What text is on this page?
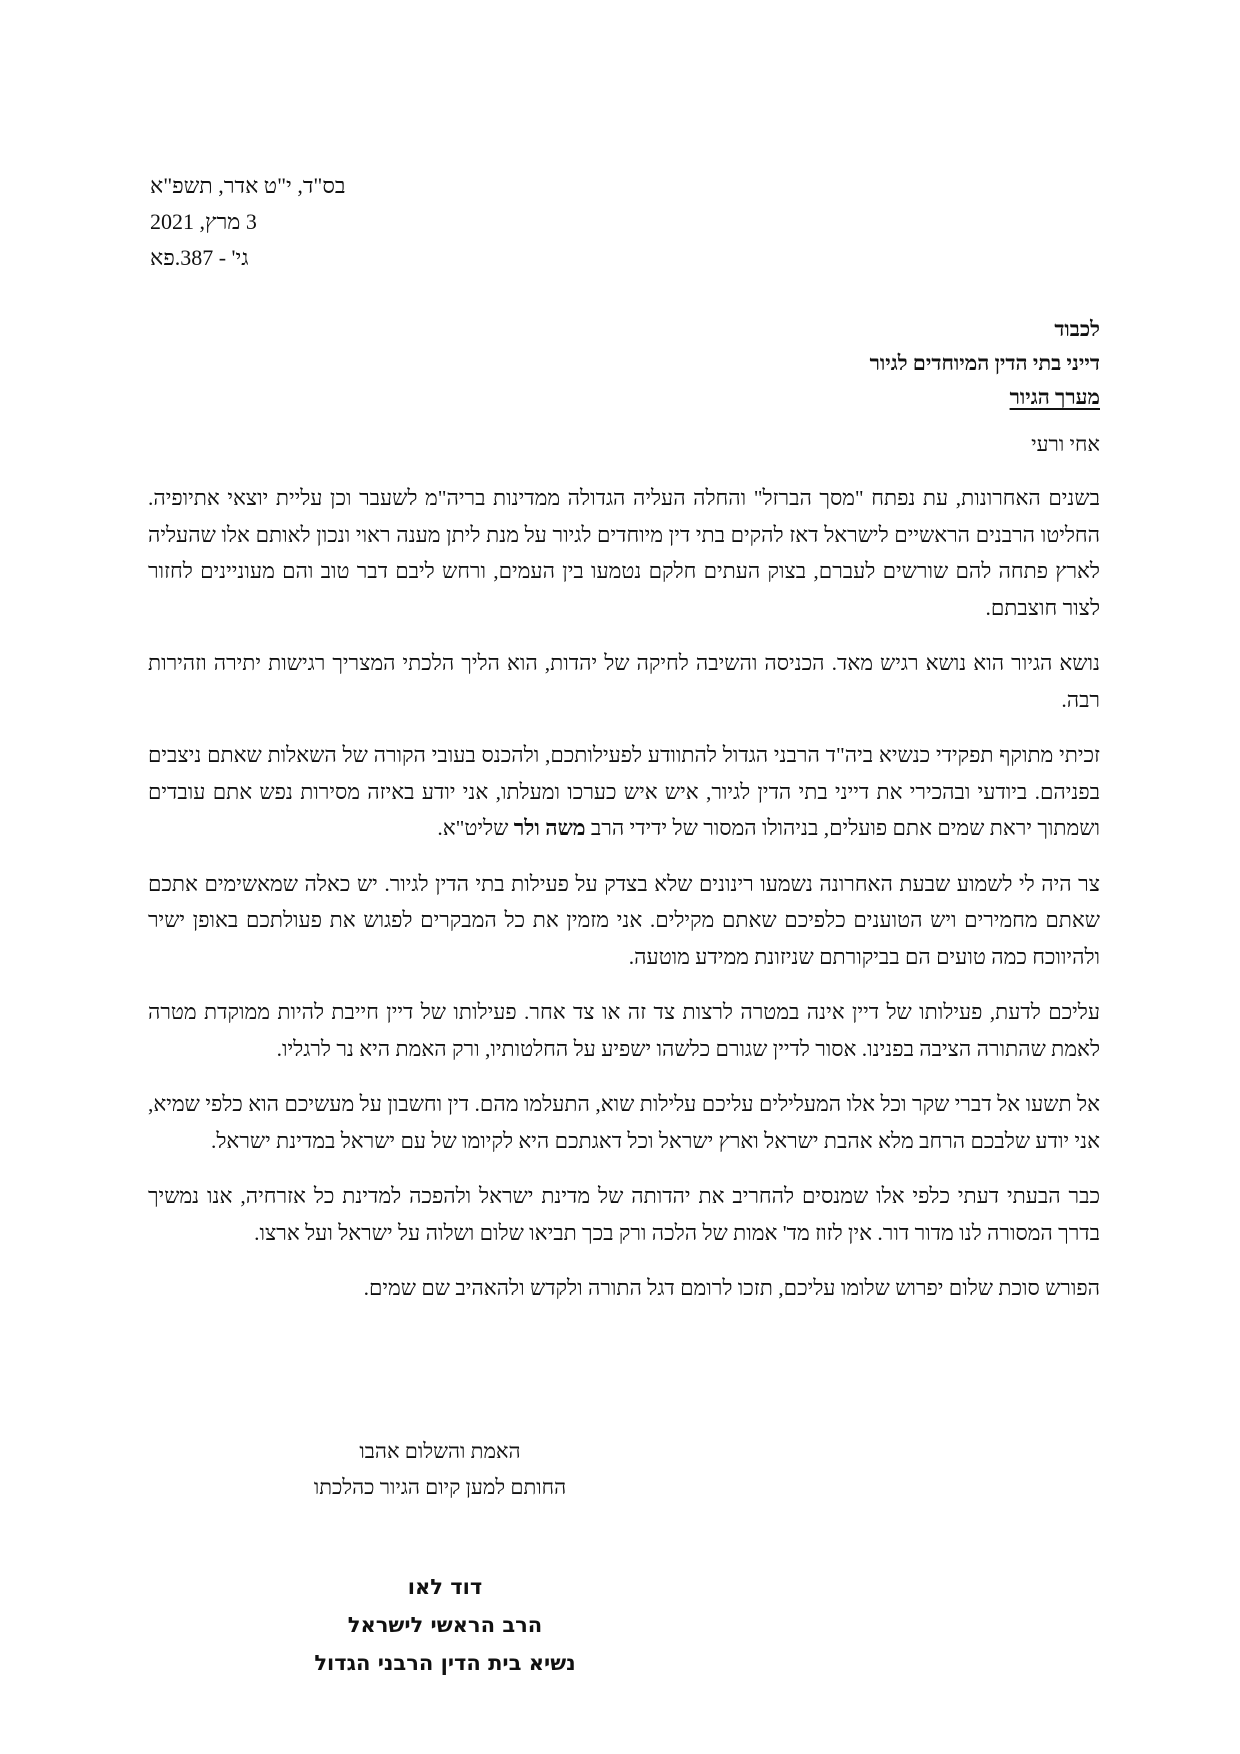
בס"ד, י"ט אדר, תשפ"א
3 מרץ, 2021
גי' - 387.פא
לכבוד
דייני בתי הדין המיוחדים לגיור
מערך הגיור
אחי ורעי

בשנים האחרונות, עת נפתח "מסך הברזל" והחלה העליה הגדולה ממדינות בריה"מ לשעבר וכן עליית יוצאי אתיופיה. החליטו הרבנים הראשיים לישראל דאז להקים בתי דין מיוחדים לגיור על מנת ליתן מענה ראוי ונכון לאותם אלו שהעליה לארץ פתחה להם שורשים לעברם, בצוק העתים חלקם נטמעו בין העמים, ורחש ליבם דבר טוב והם מעוניינים לחזור לצור חוצבתם.

נושא הגיור הוא נושא רגיש מאד. הכניסה והשיבה לחיקה של יהדות, הוא הליך הלכתי המצריך רגישות יתירה וזהירות רבה.

זכיתי מתוקף תפקידי כנשיא ביה"ד הרבני הגדול להתוודע לפעילותכם, ולהכנס בעובי הקורה של השאלות שאתם ניצבים בפניהם. ביודעי ובהכירי את דייני בתי הדין לגיור, איש איש כערכו ומעלתו, אני יודע באיזה מסירות נפש אתם עובדים ושמתוך יראת שמים אתם פועלים, בניהולו המסור של ידידי הרב משה ולר שליט"א.

צר היה לי לשמוע שבעת האחרונה נשמעו רינונים שלא בצדק על פעילות בתי הדין לגיור. יש כאלה שמאשימים אתכם שאתם מחמירים ויש הטוענים כלפיכם שאתם מקילים. אני מזמין את כל המבקרים לפגוש את פעולתכם באופן ישיר ולהיווכח כמה טועים הם בביקורתם שניזונת ממידע מוטעה.

עליכם לדעת, פעילותו של דיין אינה במטרה לרצות צד זה או צד אחר. פעילותו של דיין חייבת להיות ממוקדת מטרה לאמת שהתורה הציבה בפנינו. אסור לדיין שגורם כלשהו ישפיע על החלטותיו, ורק האמת היא נר לרגליו.

אל תשעו אל דברי שקר וכל אלו המעלילים עליכם עלילות שוא, התעלמו מהם. דין וחשבון על מעשיכם הוא כלפי שמיא, אני יודע שלבכם הרחב מלא אהבת ישראל וארץ ישראל וכל דאגתכם היא לקיומו של עם ישראל במדינת ישראל.

כבר הבעתי דעתי כלפי אלו שמנסים להחריב את יהדותה של מדינת ישראל ולהפכה למדינת כל אזרחיה, אנו נמשיך בדרך המסורה לנו מדור דור. אין לזוז מד' אמות של הלכה ורק בכך תביאו שלום ושלוה על ישראל ועל ארצו.

הפורש סוכת שלום יפרוש שלומו עליכם, תזכו לרומם דגל התורה ולקדש ולהאהיב שם שמים.

האמת והשלום אהבו
החותם למען קיום הגיור כהלכתו
דוד לאו
הרב הראשי לישראל
נשיא בית הדין הרבני הגדול
